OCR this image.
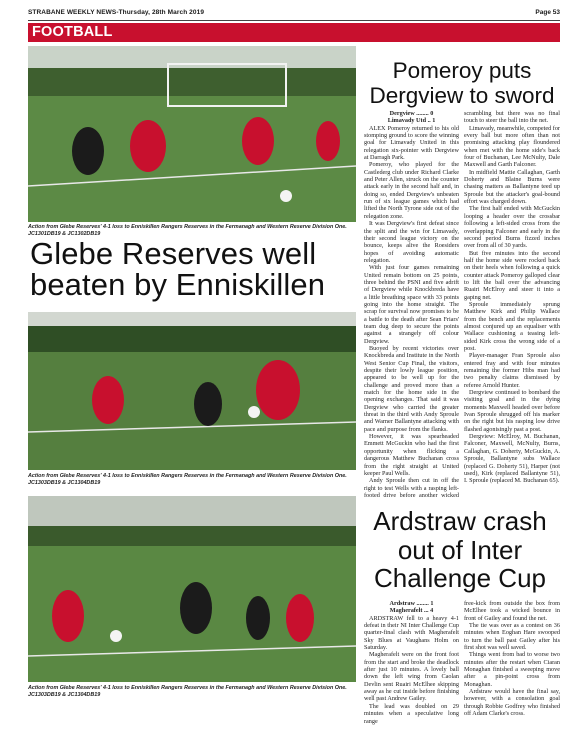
STRABANE WEEKLY NEWS-Thursday, 28th March 2019	Page 53
FOOTBALL
Action from Glebe Reserves' 4-1 loss to Enniskillen Rangers Reserves in the Fermanagh and Western Reserve Division One. JC1301DB19 & JC1302DB19
Glebe Reserves well beaten by Enniskillen
Action from Glebe Reserves' 4-1 loss to Enniskillen Rangers Reserves in the Fermanagh and Western Reserve Division One. JC1303DB19 & JC1304DB19
Action from Glebe Reserves' 4-1 loss to Enniskillen Rangers Reserves in the Fermanagh and Western Reserve Division One. JC1303DB19 & JC1304DB19
Pomeroy puts Dergview to sword

Dergview ........ 0

Limavady Utd .. 1

ALEX Pomeroy returned to his old stomping ground to score the winning goal for Limavady United in this relegation six-pointer with Dergview at Darragh Park.

Pomeroy, who played for the Castlederg club under Richard Clarke and Peter Allen, struck on the counter attack early in the second half and, in doing so, ended Dergview's unbeaten run of six league games which had lifted the North Tyrone side out of the relegation zone.

It was Dergview's first defeat since the split and the win for Limavady, their second league victory on the bounce, keeps alive the Roesiders hopes of avoiding automatic relegation.

With just four games remaining United remain bottom on 25 points, three behind the PSNI and five adrift of Dergview while Knockbreda have a little breathing space with 33 points going into the home straight. The scrap for survival now promises to be a battle to the death after Sean Friars' team dug deep to secure the points against a strangely off colour Dergview.

Buoyed by recent victories over Knockbreda and Institute in the North West Senior Cup Final, the visitors, despite their lowly league position, appeared to be well up for the challenge and proved more than a match for the home side in the opening exchanges. That said it was Dergview who carried the greater threat in the third with Andy Sproule and Warner Ballantyne attacking with pace and purpose from the flanks.

However, it was spearheaded Emmett McGuckin who had the first opportunity when flicking a dangerous Matthew Buchanan cross from the right straight at United keeper Paul Wells.

Andy Sproule then cut in off the right to test Wells with a rasping left-footed drive before another wicked

scrambling but there was no final touch to steer the ball into the net.

Limavady, meanwhile, competed for every ball but more often than not promising attacking play floundered when met with the home side's back four of Buchanan, Lee McNulty, Dale Maxwell and Garth Falconer.

In midfield Mattie Callaghan, Garth Doherty and Blaine Burns were chasing matters as Ballantyne teed up Sproule but the attacker's goal-bound effort was charged down.

The first half ended with McGuckin looping a header over the crossbar following a left-sided cross from the overlapping Falconer and early in the second period Burns fizzed inches over from all of 30 yards.

But five minutes into the second half the home side were rocked back on their heels when following a quick counter attack Pomeroy galloped clear to lift the ball over the advancing Ruairi McElroy and steer it into a gaping net.

Sproule immediately sprung Matthew Kirk and Philip Wallace from the bench and the replacements almost conjured up an equaliser with Wallace cushioning a teasing left-sided Kirk cross the wrong side of a post.

Player-manager Fran Sproule also entered fray and with four minutes remaining the former Hibs man had two penalty claims dismissed by referee Arnold Hunter.

Dergview continued to bombard the visiting goal and in the dying moments Maxwell headed over before Ivan Sproule shrugged off his marker on the right but his rasping low drive flashed agonisingly past a post.

Dergview: McElroy, M. Buchanan, Falconer, Maxwell, McNulty, Burns, Callaghan, G. Doherty, McGuckin, A. Sproule, Ballantyne subs Wallace (replaced G. Doherty 51), Harper (not used), Kirk (replaced Ballantyne 51), I. Sproule (replaced M. Buchanan 65).

Ardstraw crash out of Inter Challenge Cup

Ardstraw ........ 1

Magherafelt ... 4

ARDSTRAW fell to a heavy 4-1 defeat in their NI Inter Challenge Cup quarter-final clash with Magherafelt Sky Blues at Vaughans Holm on Saturday.

Magherafelt were on the front foot from the start and broke the deadlock after just 10 minutes. A lovely ball down the left wing from Caolan Devlin sent Ruairi McElhee skipping away as he cut inside before finishing well past Andrew Gailey.

The lead was doubled on 29 minutes when a speculative long range

free-kick from outside the box from McElhee took a wicked bounce in front of Gailey and found the net.

The tie was over as a contest on 36 minutes when Eoghan Hare swooped to turn the ball past Gailey after his first shot was well saved.

Things went from bad to worse two minutes after the restart when Ciaran Monaghan finished a sweeping move after a pin-point cross from Monaghan.

Ardstraw would have the final say, however, with a consolation goal through Robbie Godfrey who finished off Adam Clarke's cross.
